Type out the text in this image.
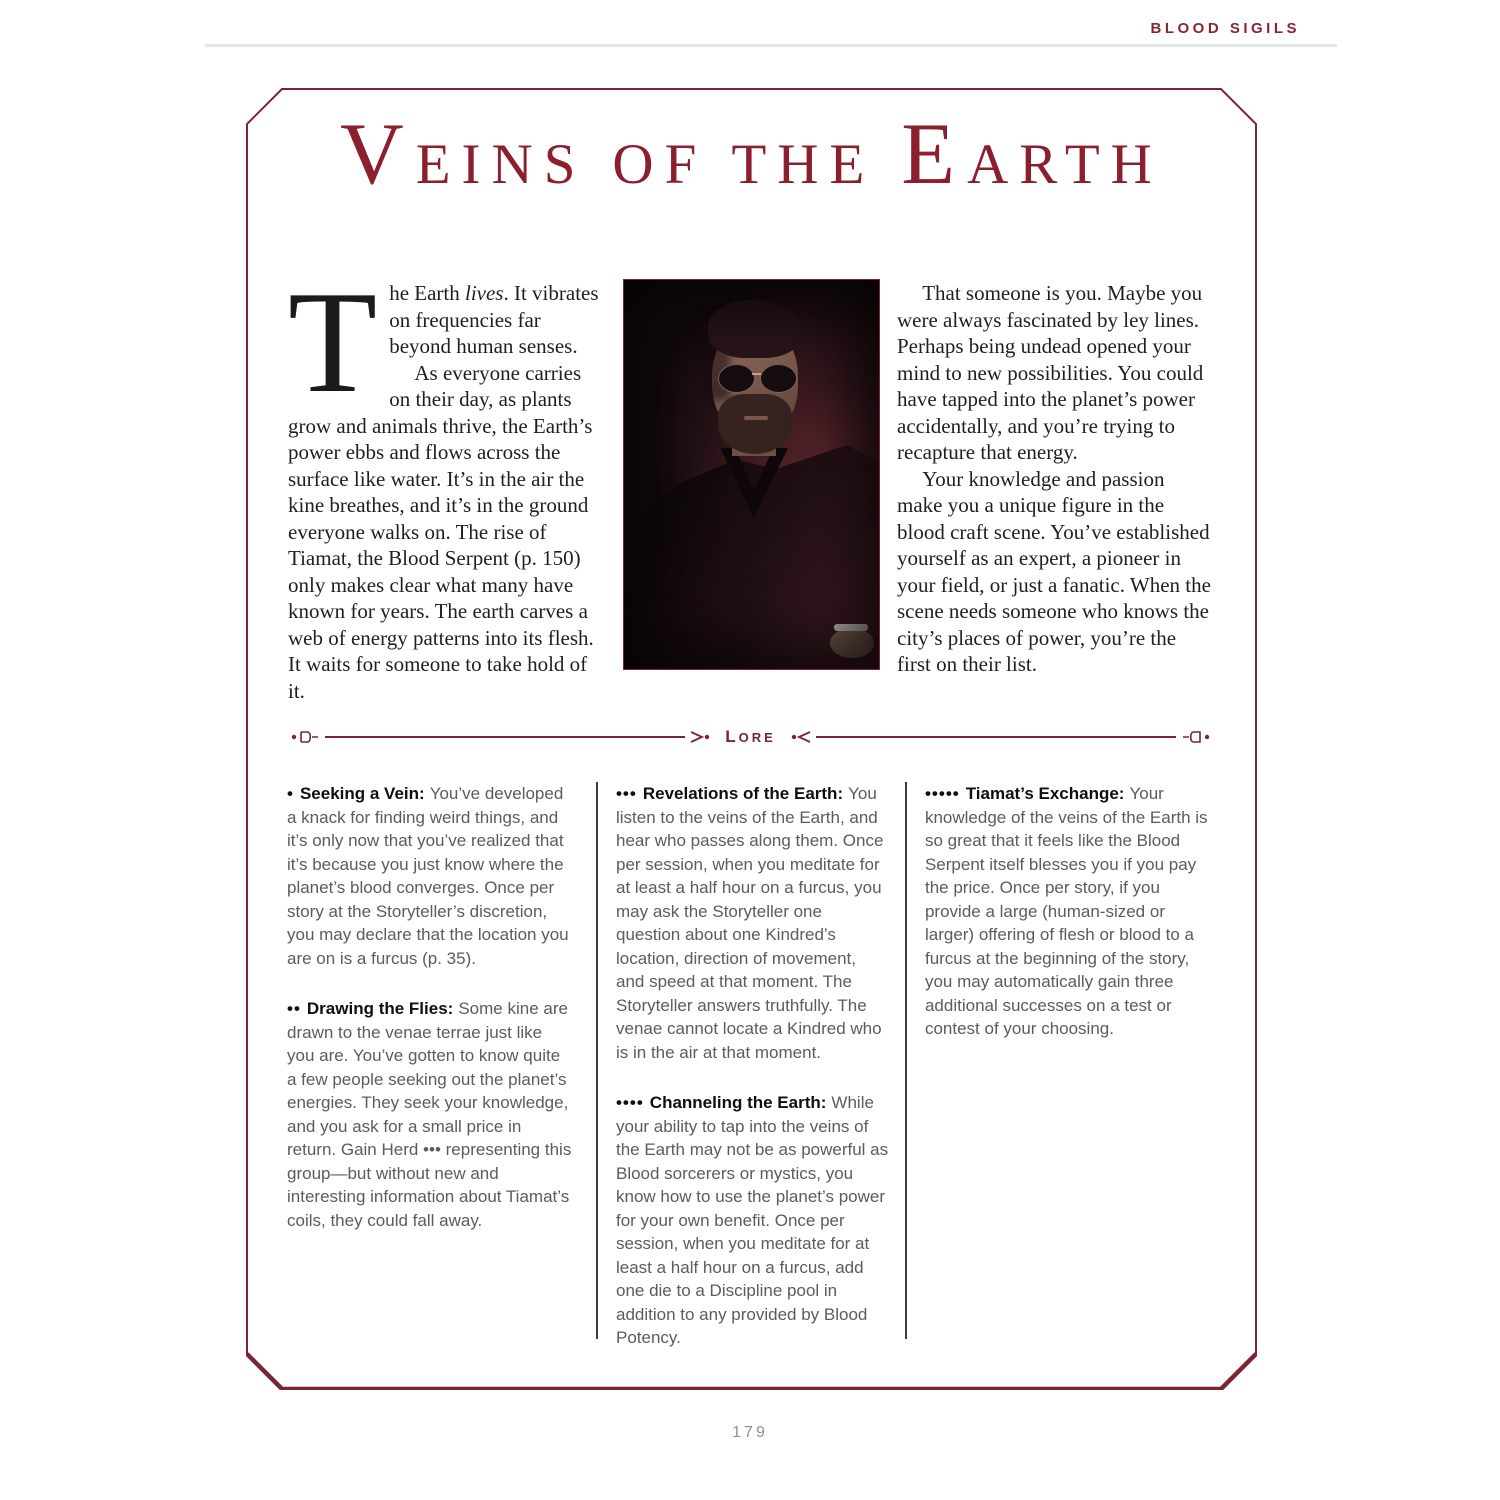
BLOOD SIGILS
VEINS OF THE EARTH
T he Earth lives. It vibrates on frequencies far beyond human senses.

As everyone carries on their day, as plants grow and animals thrive, the Earth’s power ebbs and flows across the surface like water. It’s in the air the kine breathes, and it’s in the ground everyone walks on. The rise of Tiamat, the Blood Serpent (p. 150) only makes clear what many have known for years. The earth carves a web of energy patterns into its flesh. It waits for someone to take hold of it.

That someone is you. Maybe you were always fascinated by ley lines. Perhaps being undead opened your mind to new possibilities. You could have tapped into the planet’s power accidentally, and you’re trying to recapture that energy.

Your knowledge and passion make you a unique figure in the blood craft scene. You’ve established yourself as an expert, a pioneer in your field, or just a fanatic. When the scene needs someone who knows the city’s places of power, you’re the first on their list.

LORE

• Seeking a Vein: You’ve developed a knack for finding weird things, and it’s only now that you’ve realized that it’s because you just know where the planet’s blood converges. Once per story at the Storyteller’s discretion, you may declare that the location you are on is a furcus (p. 35).

•• Drawing the Flies: Some kine are drawn to the venae terrae just like you are. You’ve gotten to know quite a few people seeking out the planet’s energies. They seek your knowledge, and you ask for a small price in return. Gain Herd ••• representing this group—but without new and interesting information about Tiamat’s coils, they could fall away.

••• Revelations of the Earth: You listen to the veins of the Earth, and hear who passes along them. Once per session, when you meditate for at least a half hour on a furcus, you may ask the Storyteller one question about one Kindred’s location, direction of movement, and speed at that moment. The Storyteller answers truthfully. The venae cannot locate a Kindred who is in the air at that moment.

•••• Channeling the Earth: While your ability to tap into the veins of the Earth may not be as powerful as Blood sorcerers or mystics, you know how to use the planet’s power for your own benefit. Once per session, when you meditate for at least a half hour on a furcus, add one die to a Discipline pool in addition to any provided by Blood Potency.

••••• Tiamat’s Exchange: Your knowledge of the veins of the Earth is so great that it feels like the Blood Serpent itself blesses you if you pay the price. Once per story, if you provide a large (human-sized or larger) offering of flesh or blood to a furcus at the beginning of the story, you may automatically gain three additional successes on a test or contest of your choosing.

179
